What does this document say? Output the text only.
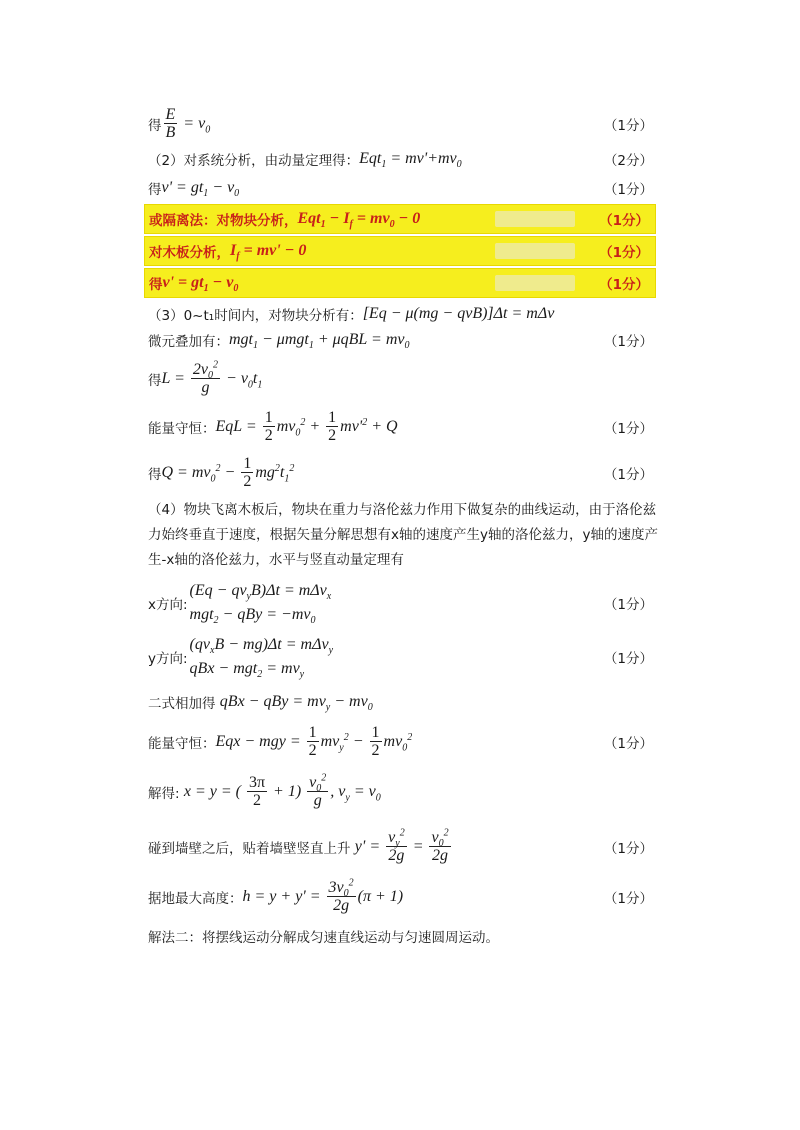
得 $\frac{E}{B} = v_0$	（1分）
（2）对系统分析，由动量定理得： $Eqt_1 = mv'+mv_0$	（2分）
得 $v' = gt_1 - v_0$	（1分）
或隔离法：对物块分析， $Eqt_1 - I_f = mv_0 - 0$	（1分）
对木板分析， $I_f = mv' - 0$	（1分）
得 $v' = gt_1 - v_0$	（1分）
（3）0~t₁时间内，对物块分析有： [Eq − μ(mg − qvB)]Δt = mΔv
微元叠加有： $mgt_1 - \mu mgt_1 + \mu qBL = mv_0$	（1分）
得 $L = \frac{2v_0^2}{g} - v_0t_1$
能量守恒： EqL = $\frac{1}{2} mv_0^2 + \frac{1}{2} mv'^2 + Q$	（1分）
得 $Q = mv_0^2 - \frac{1}{2} mg^2t_1^2$	（1分）
（4）物块飞离木板后，物块在重力与洛伦兹力作用下做复杂的曲线运动，由于洛伦兹力始终垂直于速度，根据矢量分解思想有x轴的速度产生y轴的洛伦兹力，y轴的速度产生-x轴的洛伦兹力，水平与竖直动量定理有
x方向:
$(Eq - qv_yB)\Delta t = m\Delta v_x$
mgt$_2$ − qBy = $-mv_0$
（1分）
y方向:
$(qv_xB - mg)\Delta t = m\Delta v_y$
qBx − $mgt_2 = mv_y$
（1分）
二式相加得 qBx − qBy = $mv_y - mv_0$
能量守恒： Eqx − mgy = $\frac{1}{2} mv_y^2 - \frac{1}{2} mv_0^2$	（1分）
解得: x = y = ( $\frac{3\pi}{2} + 1) \frac{v_0^2}{g}$ , $v_y = v_0$
碰到墙壁之后，贴着墙壁竖直上升 $y' = \frac{v_y^2}{2g} = \frac{v_0^2}{2g}$	（1分）
据地最大高度： $h = y + y' = \frac{3v_0^2}{2g} (\pi + 1)$	（1分）
解法二：将摆线运动分解成匀速直线运动与匀速圆周运动。
